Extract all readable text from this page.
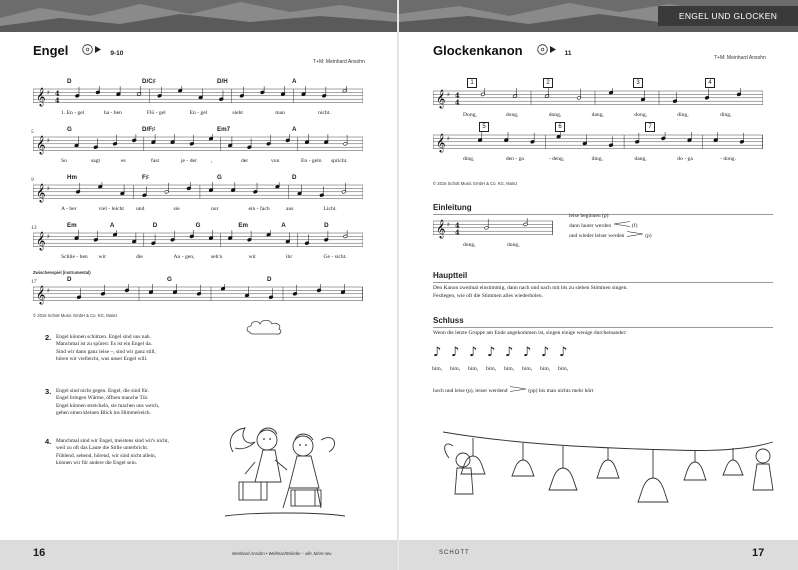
Engel	9-10
T+M: Meinhard Ansohn
D	D/C♯	D/H	A
𝄞 ♯ 4
4
1. En - gel	ha - ben	Flü - gel	En - gel	sieht	man	nicht.
G	D/F♯	Em7	A
𝄞 ♯
5
So	sagt	es	fast	je - der	,	der	von	En - geln spricht.
Hm	F♯	G	D
𝄞 ♯
9
A - ber	viel - leicht und	sie	nur	ein - fach	aus	Licht.
Em	A	D	G	Em	A	D
𝄞 ♯
13
Schlie - ben wir	die	Au - gen,	seh'n	wir	ihr	Ge - sicht.
D	G	D
𝄞 ♯
17
Zwischenspiel (instrumental)
© 2016 Schott Music GmbH & Co. KG, Mainz
2. Engel können schützen. Engel sind uns nah.
Manchmal ist zu spüren: Es ist ein Engel da.
Sind wir dann ganz leise ~, sind wir ganz still,
hören wir vielleicht, was unser Engel will.
3. Engel sind nicht gegen. Engel, die sind für.
Engel bringen Wärme, öffnen manche Tür.
Engel können streicheln, sie machen uns weich,
geben einen kleinen Blick ins Himmelreich.
4. Manchmal sind wir Engel, meistens sind wir's nicht,
weil zu oft das Laute die Stille unterbricht.
Fühlend, sehend, hörend, wir sind nicht allein,
können wir für andere die Engel sein.
16	Meinhard Ansohn • Weihnachtslieder – alle Jahre neu
ENGEL UND GLOCKEN
Glockenkanon	11
T+M: Meinhard Ansohn
1	2	3	4
𝄞 ♯ 4
4
Dong,	dong,	dong,	dang,	dong,	ding,	ding,
5	6	7
𝄞 ♯
ding,	den - ga	- deng,	ding,	dang,	do - ga	- dong.
© 2016 Schott Music GmbH & Co. KG, Mainz
Einleitung
𝄞 ♯ 4
4
dong,	dong,
leise beginnen (p)
dann lauter werden	(f)
und wieder leiser werden	(p)
Hauptteil
Den Kanon zweimal einstimmig, dann nach und nach mit bis zu sieben Stimmen singen.
Festlegen, wie oft die Stimmen alles wiederholen.
Schluss
Wenn die letzte Gruppe am Ende angekommen ist, singen einige wenige durcheinander:
♪
bim,
♪
bim,
♪
bim,
♪
bim,
♪
bim,
♪
bim,
♪
bim,
♪
bim,
hoch und leise (p), leiser werdend	(pp) bis man nichts mehr hört
SCHOTT	17
